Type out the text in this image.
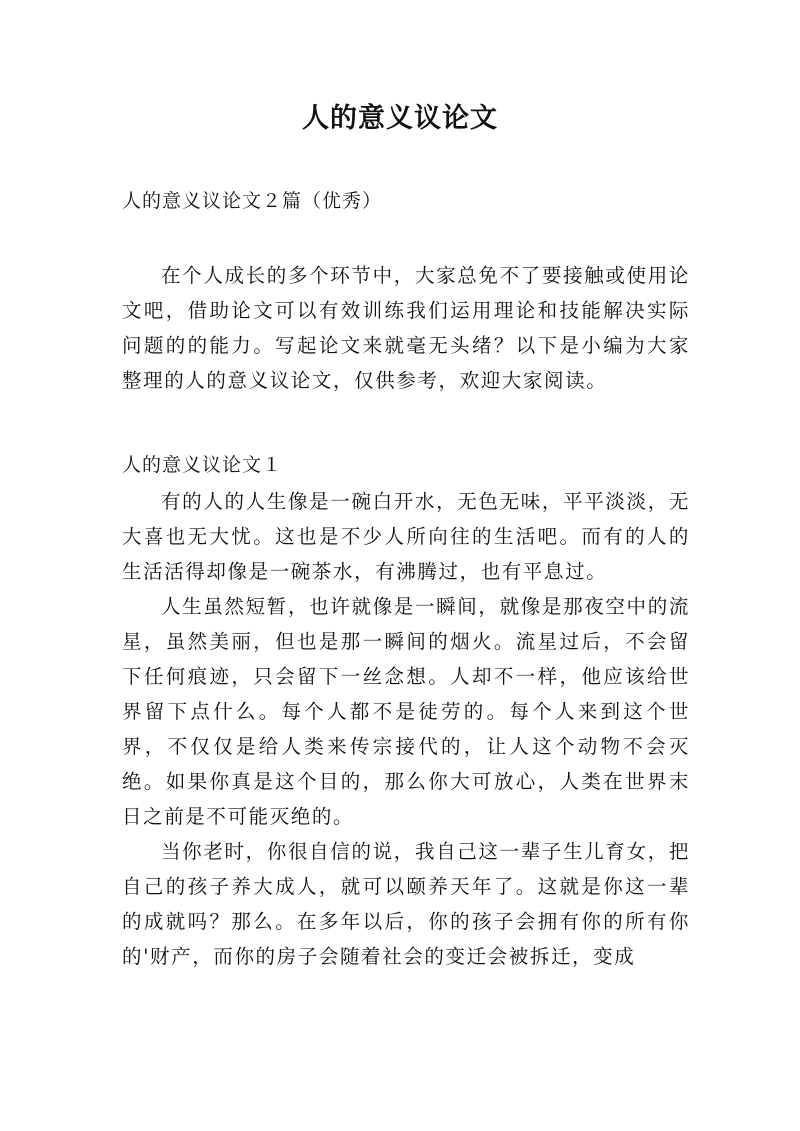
人的意义议论文
人的意义议论文２篇（优秀）

在个人成长的多个环节中，大家总免不了要接触或使用论文吧，借助论文可以有效训练我们运用理论和技能解决实际问题的的能力。写起论文来就毫无头绪？以下是小编为大家整理的人的意义议论文，仅供参考，欢迎大家阅读。

人的意义议论文１

有的人的人生像是一碗白开水，无色无味，平平淡淡，无大喜也无大忧。这也是不少人所向往的生活吧。而有的人的生活活得却像是一碗茶水，有沸腾过，也有平息过。

人生虽然短暂，也许就像是一瞬间，就像是那夜空中的流星，虽然美丽，但也是那一瞬间的烟火。流星过后，不会留下任何痕迹，只会留下一丝念想。人却不一样，他应该给世界留下点什么。每个人都不是徒劳的。每个人来到这个世界，不仅仅是给人类来传宗接代的，让人这个动物不会灭绝。如果你真是这个目的，那么你大可放心，人类在世界末日之前是不可能灭绝的。

当你老时，你很自信的说，我自己这一辈子生儿育女，把自己的孩子养大成人，就可以颐养天年了。这就是你这一辈的成就吗？那么。在多年以后，你的孩子会拥有你的所有你的'财产，而你的房子会随着社会的变迁会被拆迁，变成
